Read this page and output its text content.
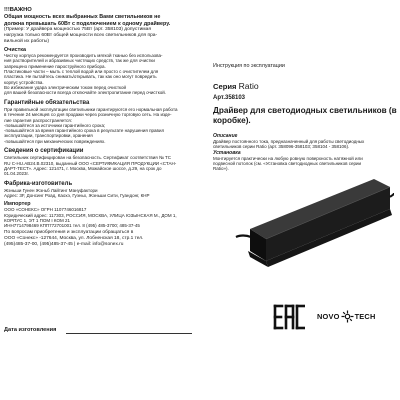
!!!ВАЖНО
Общая мощность всех выбранных Вами светильников не
должна превышать 60Вт с подключением к одному драйверу.
(Пример: У драйвера мощностью 75Вт (арт. 358103) допустимая
нагрузка только 60Вт общей мощности всех светильников для пра-
вильной их работы)
Очистка
Чистку корпуса рекомендуется производить мягкой тканью без использова-
ния растворителей и абразивных чистящих средств, так же для очистки
запрещено применение пароструйного прибора.
Пластиковые части – мыть с теплой водой или просто с очистителем для
пластика. Не пытайтесь снимать/открывать, так как оно могут повредить
корпус устройства.
Во избежание удара электрическим током перед очисткой
для вашей безопасности всегда отключайте электропитание перед очисткой.
Гарантийные обязательства
При правильной эксплуатации светильники гарантируются его нормальная работа
в течение 24 месяцев со дня продажи через розничную торговую сеть. На изде-
лие гарантия распространяется:
-повышайтеся за источники гарантийного срока;
-повышайтеся за время гарантийного срока в результате нарушения правил
эксплуатации, транспортировки, хранения
-повышайтеся при механических повреждениях.
Сведения о сертификации
Светильник сертифицирован на безопасность. Сертификат соответствия № TC
RU C-HU.AB24.B.02310, выданный ООО «СЕРТИФИКАЦИЯ ПРОДУКЦИИ «СТАН-
ДАРТ-ТЕСТ». Адрес: 121471, г. Москва, Можайское шоссе, д.29, на срок до
01.04.2023г.
Фабрика-изготовитель
Жэньши Гунен Жэньб Лайтинг Мануфактори
Адрес: 3F, Донсинг Роад, Каохэ, Гуэньх, Жэньши Сити, Гуандонг, КНР
Импортер
ООО «СОНЕКС» ОГРН 1107746016817
Юридический адрес: 117303, РОССИЯ, МОСКВА, УЛИЦА ЮЗЫНСКАЯ М., ДОМ 1,
КОРПУС 1, ЭТ 1 ПОМ I КОМ 21
ИНН7714798469 КПП772701001 тел. 8 (495) 485-3700; 485-37-45
По вопросам приобретения и эксплуатации обращаться в
ООО «Сонекс» -127644, Москва, ул. Лобненская 18, стр.1 тел.
(495)485-37-00, (495)485-37-45 | e-mail: info@sonex.ru
Дата изготовления
Инструкция по эксплуатации
Серия Ratio
Арт.358103
Драйвер для светодиодных светильников (в коробке).
Описание
Драйвер постоянного тока, предназначенный для работы светодиодных
светильников серии Ratio (арт. 358096-358103; 358104 - 358106).
Установка
Монтируется практически на любую ровную поверхность натяжной или
подвесной потолок (см. «Установка светодиодных светильников серии
Ratio»).
NOVO TECH
